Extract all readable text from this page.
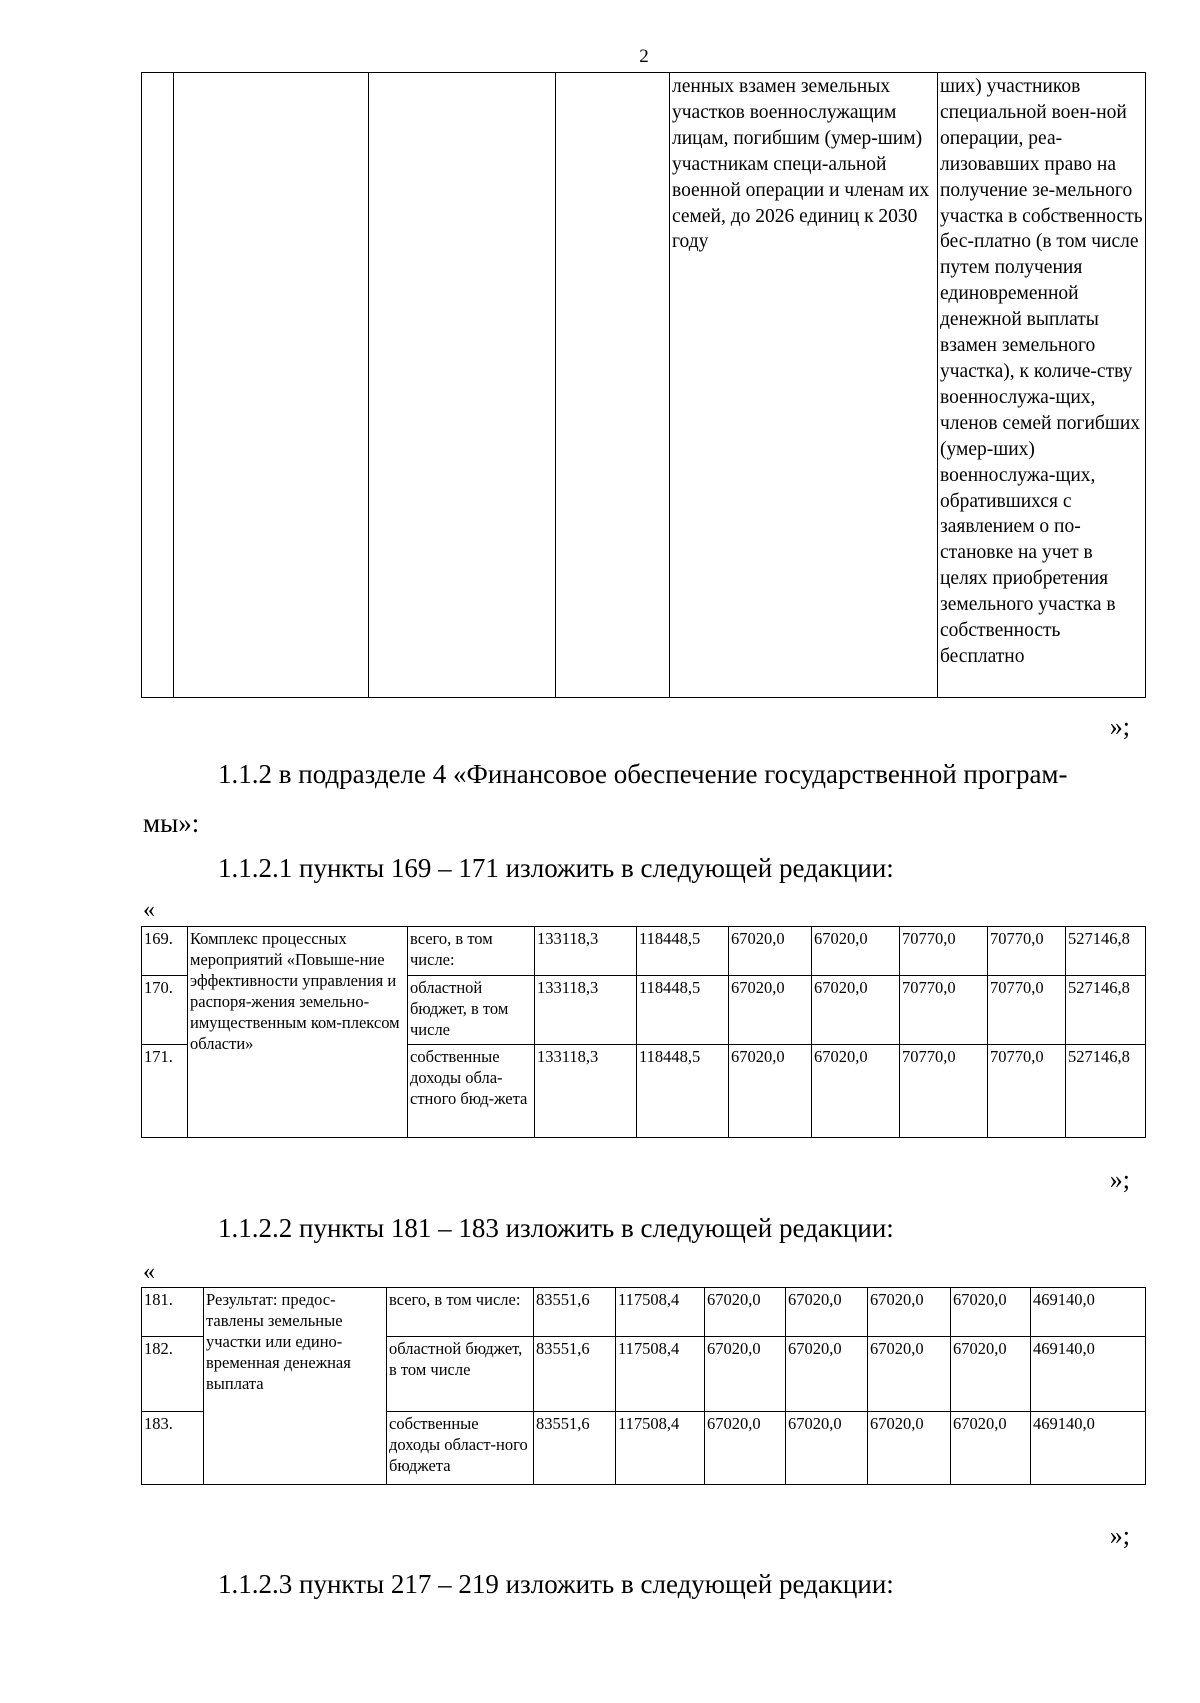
2
				ленных взамен земельных участков военнослужащим лицам, погибшим (умер-шим) участникам специ-альной военной операции и членам их семей, до 2026 единиц к 2030 году	ших) участников специальной воен-ной операции, реа-лизовавших право на получение зе-мельного участка в собственность бес-платно (в том числе путем получения единовременной денежной выплаты взамен земельного участка), к количе-ству военнослужа-щих, членов семей погибших (умер-ших) военнослужа-щих, обратившихся с заявлением о по-становке на учет в целях приобретения земельного участка в собственность бесплатно
»;
1.1.2 в подразделе 4 «Финансовое обеспечение государственной програм-
мы»:
1.1.2.1 пункты 169 – 171 изложить в следующей редакции:
«
169.	Комплекс процессных мероприятий «Повыше-ние эффективности управления и распоря-жения земельно-имущественным ком-плексом области»	всего, в том числе:	133118,3	118448,5	67020,0	67020,0	70770,0	70770,0	527146,8
170.		областной бюджет, в том числе	133118,3	118448,5	67020,0	67020,0	70770,0	70770,0	527146,8
171.		собственные доходы обла-стного бюд-жета	133118,3	118448,5	67020,0	67020,0	70770,0	70770,0	527146,8
»;
1.1.2.2 пункты 181 – 183 изложить в следующей редакции:
«
181.	Результат: предос-тавлены земельные участки или едино-временная денежная выплата	всего, в том числе:	83551,6	117508,4	67020,0	67020,0	67020,0	67020,0	469140,0
182.		областной бюджет, в том числе	83551,6	117508,4	67020,0	67020,0	67020,0	67020,0	469140,0
183.		собственные доходы област-ного бюджета	83551,6	117508,4	67020,0	67020,0	67020,0	67020,0	469140,0
»;
1.1.2.3 пункты 217 – 219 изложить в следующей редакции:
